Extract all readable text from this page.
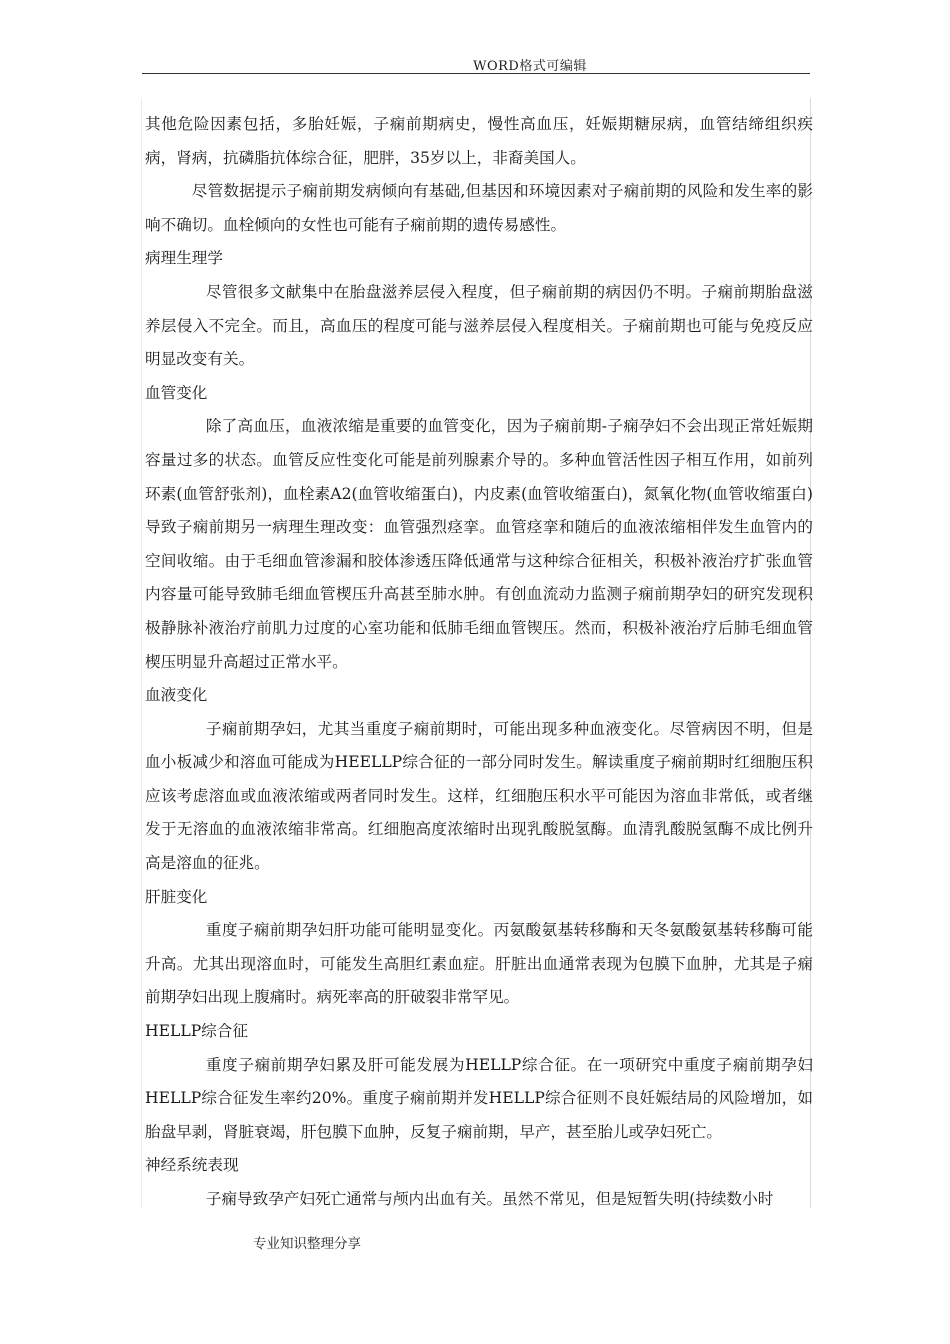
WORD格式可编辑

其他危险因素包括，多胎妊娠，子痫前期病史，慢性高血压，妊娠期糖尿病，血管结缔组织疾病，肾病，抗磷脂抗体综合征，肥胖，35岁以上，非裔美国人。

尽管数据提示子痫前期发病倾向有基础,但基因和环境因素对子痫前期的风险和发生率的影响不确切。血栓倾向的女性也可能有子痫前期的遗传易感性。

病理生理学

尽管很多文献集中在胎盘滋养层侵入程度，但子痫前期的病因仍不明。子痫前期胎盘滋养层侵入不完全。而且，高血压的程度可能与滋养层侵入程度相关。子痫前期也可能与免疫反应明显改变有关。

血管变化

除了高血压，血液浓缩是重要的血管变化，因为子痫前期-子痫孕妇不会出现正常妊娠期容量过多的状态。血管反应性变化可能是前列腺素介导的。多种血管活性因子相互作用，如前列环素(血管舒张剂)，血栓素A2(血管收缩蛋白)，内皮素(血管收缩蛋白)，氮氧化物(血管收缩蛋白)导致子痫前期另一病理生理改变：血管强烈痉挛。血管痉挛和随后的血液浓缩相伴发生血管内的空间收缩。由于毛细血管渗漏和胶体渗透压降低通常与这种综合征相关，积极补液治疗扩张血管内容量可能导致肺毛细血管楔压升高甚至肺水肿。有创血流动力监测子痫前期孕妇的研究发现积极静脉补液治疗前肌力过度的心室功能和低肺毛细血管锲压。然而，积极补液治疗后肺毛细血管楔压明显升高超过正常水平。

血液变化

子痫前期孕妇，尤其当重度子痫前期时，可能出现多种血液变化。尽管病因不明，但是血小板减少和溶血可能成为HEELLP综合征的一部分同时发生。解读重度子痫前期时红细胞压积应该考虑溶血或血液浓缩或两者同时发生。这样，红细胞压积水平可能因为溶血非常低，或者继发于无溶血的血液浓缩非常高。红细胞高度浓缩时出现乳酸脱氢酶。血清乳酸脱氢酶不成比例升高是溶血的征兆。

肝脏变化

重度子痫前期孕妇肝功能可能明显变化。丙氨酸氨基转移酶和天冬氨酸氨基转移酶可能升高。尤其出现溶血时，可能发生高胆红素血症。肝脏出血通常表现为包膜下血肿，尤其是子痫前期孕妇出现上腹痛时。病死率高的肝破裂非常罕见。

HELLP综合征

重度子痫前期孕妇累及肝可能发展为HELLP综合征。在一项研究中重度子痫前期孕妇HELLP综合征发生率约20%。重度子痫前期并发HELLP综合征则不良妊娠结局的风险增加，如胎盘早剥，肾脏衰竭，肝包膜下血肿，反复子痫前期，早产，甚至胎儿或孕妇死亡。

神经系统表现

子痫导致孕产妇死亡通常与颅内出血有关。虽然不常见，但是短暂失明(持续数小时

专业知识整理分享
